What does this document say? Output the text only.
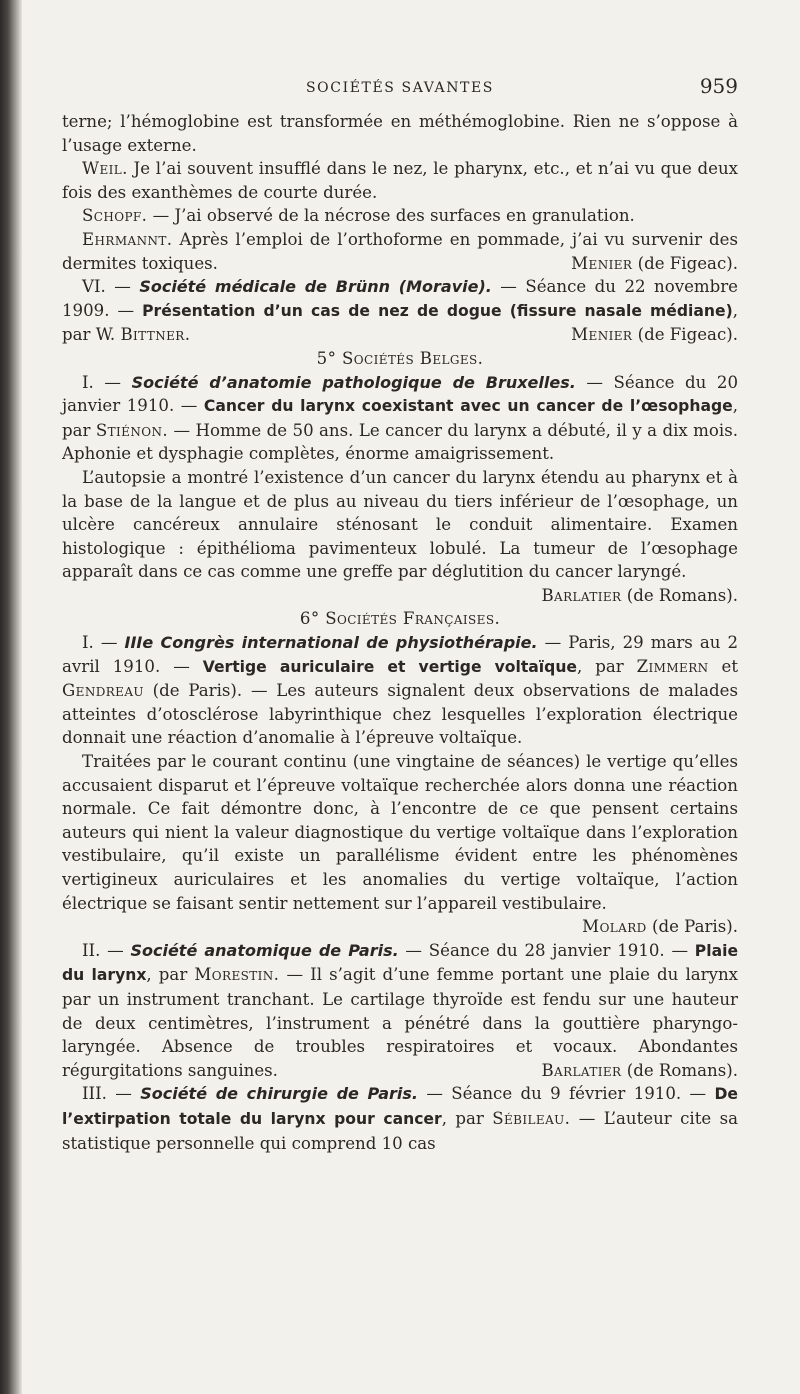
SOCIÉTÉS SAVANTES	959

terne; l’hémoglobine est transformée en méthémoglobine. Rien ne s’oppose à l’usage externe.

Weil. Je l’ai souvent insufflé dans le nez, le pharynx, etc., et n’ai vu que deux fois des exanthèmes de courte durée.

Schopf. — J’ai observé de la nécrose des surfaces en granulation.

Ehrmannt. Après l’emploi de l’orthoforme en pommade, j’ai vu survenir des dermites toxiques.	Menier (de Figeac).

VI. — Société médicale de Brünn (Moravie). — Séance du 22 novembre 1909. — Présentation d’un cas de nez de dogue (fissure nasale médiane), par W. Bittner.	Menier (de Figeac).

5° Sociétés Belges.

I. — Société d’anatomie pathologique de Bruxelles. — Séance du 20 janvier 1910. — Cancer du larynx coexistant avec un cancer de l’œsophage, par Stiénon. — Homme de 50 ans. Le cancer du larynx a débuté, il y a dix mois. Aphonie et dysphagie complètes, énorme amaigrissement.

L’autopsie a montré l’existence d’un cancer du larynx étendu au pharynx et à la base de la langue et de plus au niveau du tiers inférieur de l’œsophage, un ulcère cancéreux annulaire sténosant le conduit alimentaire. Examen histologique : épithélioma pavimenteux lobulé. La tumeur de l’œsophage apparaît dans ce cas comme une greffe par déglutition du cancer laryngé.
Barlatier (de Romans).

6° Sociétés Françaises.

I. — IIIe Congrès international de physiothérapie. — Paris, 29 mars au 2 avril 1910. — Vertige auriculaire et vertige voltaïque, par Zimmern et Gendreau (de Paris). — Les auteurs signalent deux observations de malades atteintes d’otosclérose labyrinthique chez lesquelles l’exploration électrique donnait une réaction d’anomalie à l’épreuve voltaïque.

Traitées par le courant continu (une vingtaine de séances) le vertige qu’elles accusaient disparut et l’épreuve voltaïque recherchée alors donna une réaction normale. Ce fait démontre donc, à l’encontre de ce que pensent certains auteurs qui nient la valeur diagnostique du vertige voltaïque dans l’exploration vestibulaire, qu’il existe un parallélisme évident entre les phénomènes vertigineux auriculaires et les anomalies du vertige voltaïque, l’action électrique se faisant sentir nettement sur l’appareil vestibulaire.
Molard (de Paris).

II. — Société anatomique de Paris. — Séance du 28 janvier 1910. — Plaie du larynx, par Morestin. — Il s’agit d’une femme portant une plaie du larynx par un instrument tranchant. Le cartilage thyroïde est fendu sur une hauteur de deux centimètres, l’instrument a pénétré dans la gouttière pharyngo-laryngée. Absence de troubles respiratoires et vocaux. Abondantes régurgitations sanguines.	Barlatier (de Romans).

III. — Société de chirurgie de Paris. — Séance du 9 février 1910. — De l’extirpation totale du larynx pour cancer, par Sébileau. — L’auteur cite sa statistique personnelle qui comprend 10 cas
